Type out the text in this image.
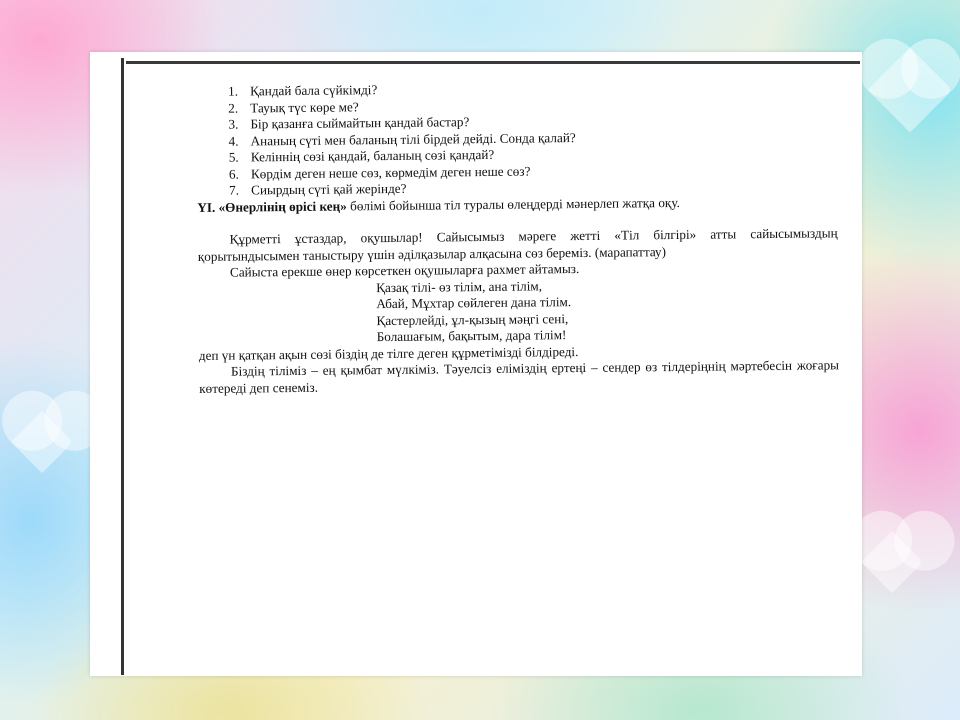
1. Қандай бала сүйкімді?
2. Тауық түс көре ме?
3. Бір қазанға сыймайтын қандай бастар?
4. Ананың сүті мен баланың тілі бірдей дейді. Сонда қалай?
5. Келіннің сөзі қандай, баланың сөзі қандай?
6. Көрдім деген неше сөз, көрмедім деген неше сөз?
7. Сиырдың сүті қай жерінде?

ҮІ. «Өнерлінің өрісі кең» бөлімі бойынша тіл туралы өлеңдерді мәнерлеп жатқа оқу.

Құрметті ұстаздар, оқушылар! Сайысымыз мәреге жетті «Тіл білгірі» атты сайысымыздың қорытындысымен таныстыру үшін әділқазылар алқасына сөз береміз. (марапаттау)

Сайыста ерекше өнер көрсеткен оқушыларға рахмет айтамыз.

Қазақ тілі- өз тілім, ана тілім,
Абай, Мұхтар сөйлеген дана тілім.
Қастерлейді, ұл-қызың мәңгі сені,
Болашағым, бақытым, дара тілім!

деп үн қатқан ақын сөзі біздің де тілге деген құрметімізді білдіреді.

Біздің тіліміз – ең қымбат мүлкіміз. Тәуелсіз еліміздің ертеңі – сендер өз тілдеріңнің мәртебесін жоғары көтереді деп сенеміз.
